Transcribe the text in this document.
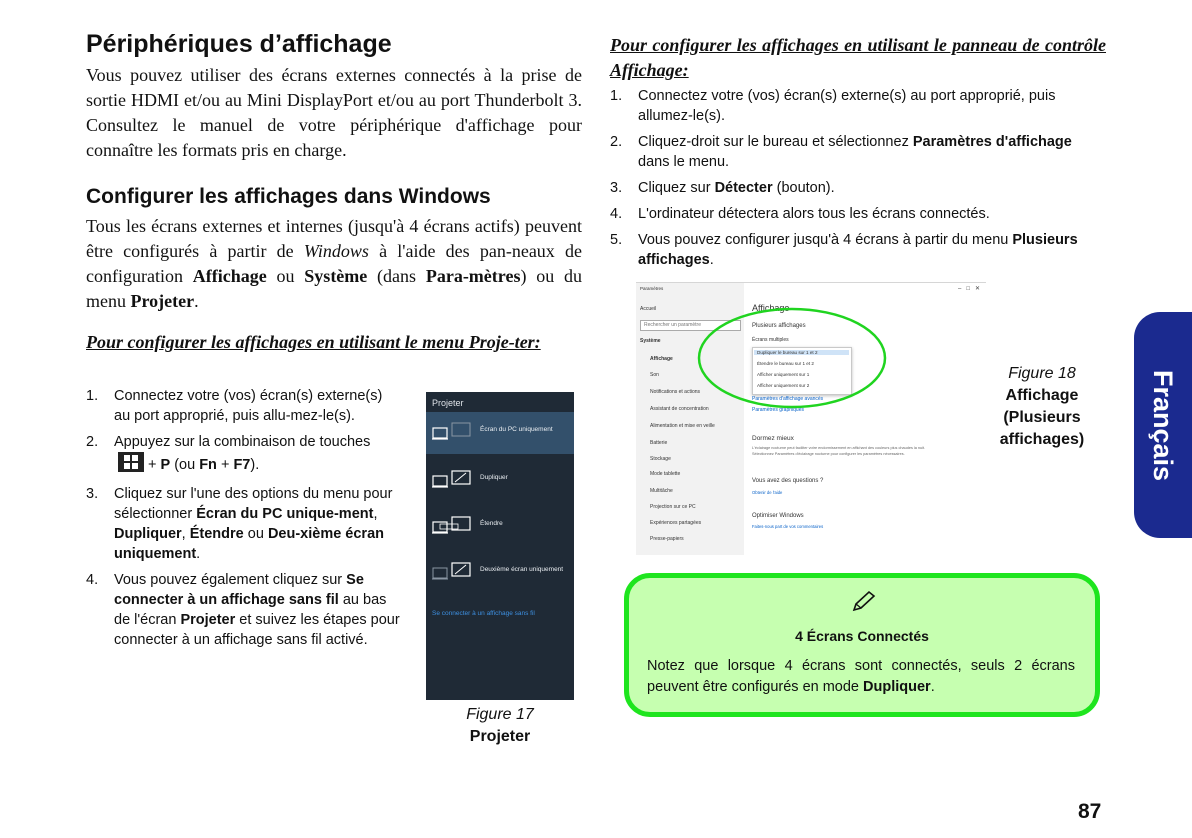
Périphériques d’affichage
Vous pouvez utiliser des écrans externes connectés à la prise de sortie HDMI et/ou au Mini DisplayPort et/ou au port Thunderbolt 3. Consultez le manuel de votre périphérique d'affichage pour connaître les formats pris en charge.
Configurer les affichages dans Windows
Tous les écrans externes et internes (jusqu'à 4 écrans actifs) peuvent être configurés à partir de Windows à l'aide des pan-neaux de configuration Affichage ou Système (dans Para-mètres) ou du menu Projeter.
Pour configurer les affichages en utilisant le menu Proje-ter:
1. Connectez votre (vos) écran(s) externe(s) au port approprié, puis allu-mez-le(s).
2. Appuyez sur la combinaison de touches + P (ou Fn + F7).
3. Cliquez sur l'une des options du menu pour sélectionner Écran du PC unique-ment, Dupliquer, Étendre ou Deu-xième écran uniquement.
4. Vous pouvez également cliquez sur Se connecter à un affichage sans fil au bas de l'écran Projeter et suivez les étapes pour connecter à un affichage sans fil activé.
Projeter
Écran du PC uniquement
Dupliquer
Étendre
Deuxième écran uniquement
Se connecter à un affichage sans fil
Figure 17
Projeter
Pour configurer les affichages en utilisant le panneau de contrôle Affichage:
1. Connectez votre (vos) écran(s) externe(s) au port approprié, puis allumez-le(s).
2. Cliquez-droit sur le bureau et sélectionnez Paramètres d'affichage dans le menu.
3. Cliquez sur Détecter (bouton).
4. L'ordinateur détectera alors tous les écrans connectés.
5. Vous pouvez configurer jusqu'à 4 écrans à partir du menu Plusieurs affichages.
Paramètres
Accueil
Rechercher un paramètre
Système
Affichage
Son
Notifications et actions
Assistant de concentration
Alimentation et mise en veille
Batterie
Stockage
Mode tablette
Multitâche
Projection sur ce PC
Expériences partagées
Presse-papiers
–   □   ✕
Affichage
Plusieurs affichages
Écrans multiples
Dupliquer le bureau sur 1 et 2
Étendre le bureau sur 1 et 2
Afficher uniquement sur 1
Afficher uniquement sur 2
Paramètres d'affichage avancés
Paramètres graphiques
Dormez mieux
L'éclairage nocturne peut faciliter votre endormissement en affichant des couleurs plus chaudes la nuit.
Sélectionnez Paramètres d'éclairage nocturne pour configurer les paramètres nécessaires.
Vous avez des questions ?
Obtenir de l'aide
Optimiser Windows
Faites-nous part de vos commentaires
Figure 18
Affichage (Plusieurs affichages)
4 Écrans Connectés
Notez que lorsque 4 écrans sont connectés, seuls 2 écrans peuvent être configurés en mode Dupliquer.
Français
87
